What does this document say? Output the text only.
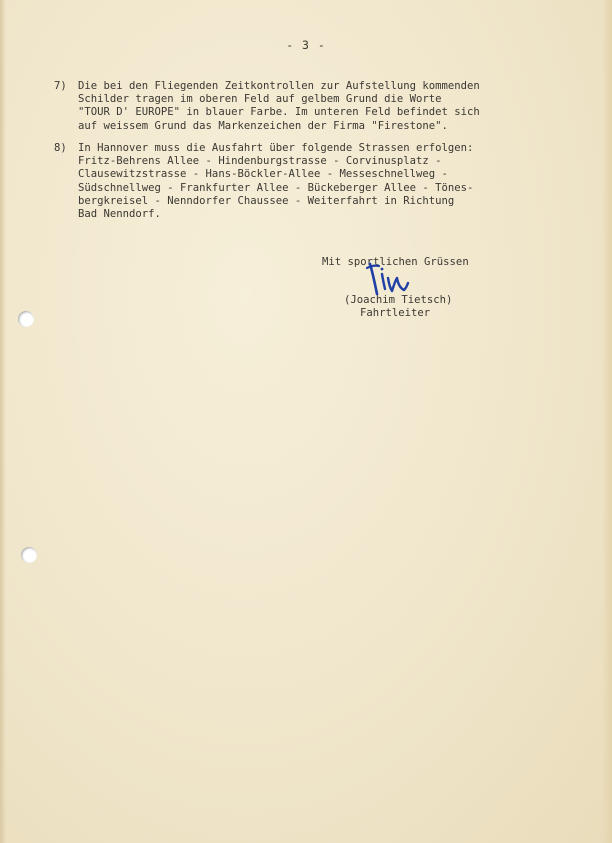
- 3 -
7) Die bei den Fliegenden Zeitkontrollen zur Aufstellung kommenden
Schilder tragen im oberen Feld auf gelbem Grund die Worte
"TOUR D' EUROPE" in blauer Farbe. Im unteren Feld befindet sich
auf weissem Grund das Markenzeichen der Firma "Firestone".
8) In Hannover muss die Ausfahrt über folgende Strassen erfolgen:
Fritz-Behrens Allee - Hindenburgstrasse - Corvinusplatz -
Clausewitzstrasse - Hans-Böckler-Allee - Messeschnellweg -
Südschnellweg - Frankfurter Allee - Bückeberger Allee - Tönes-
bergkreisel - Nenndorfer Chaussee - Weiterfahrt in Richtung
Bad Nenndorf.
Mit sportlichen Grüssen
(Joachim Tietsch)
Fahrtleiter
